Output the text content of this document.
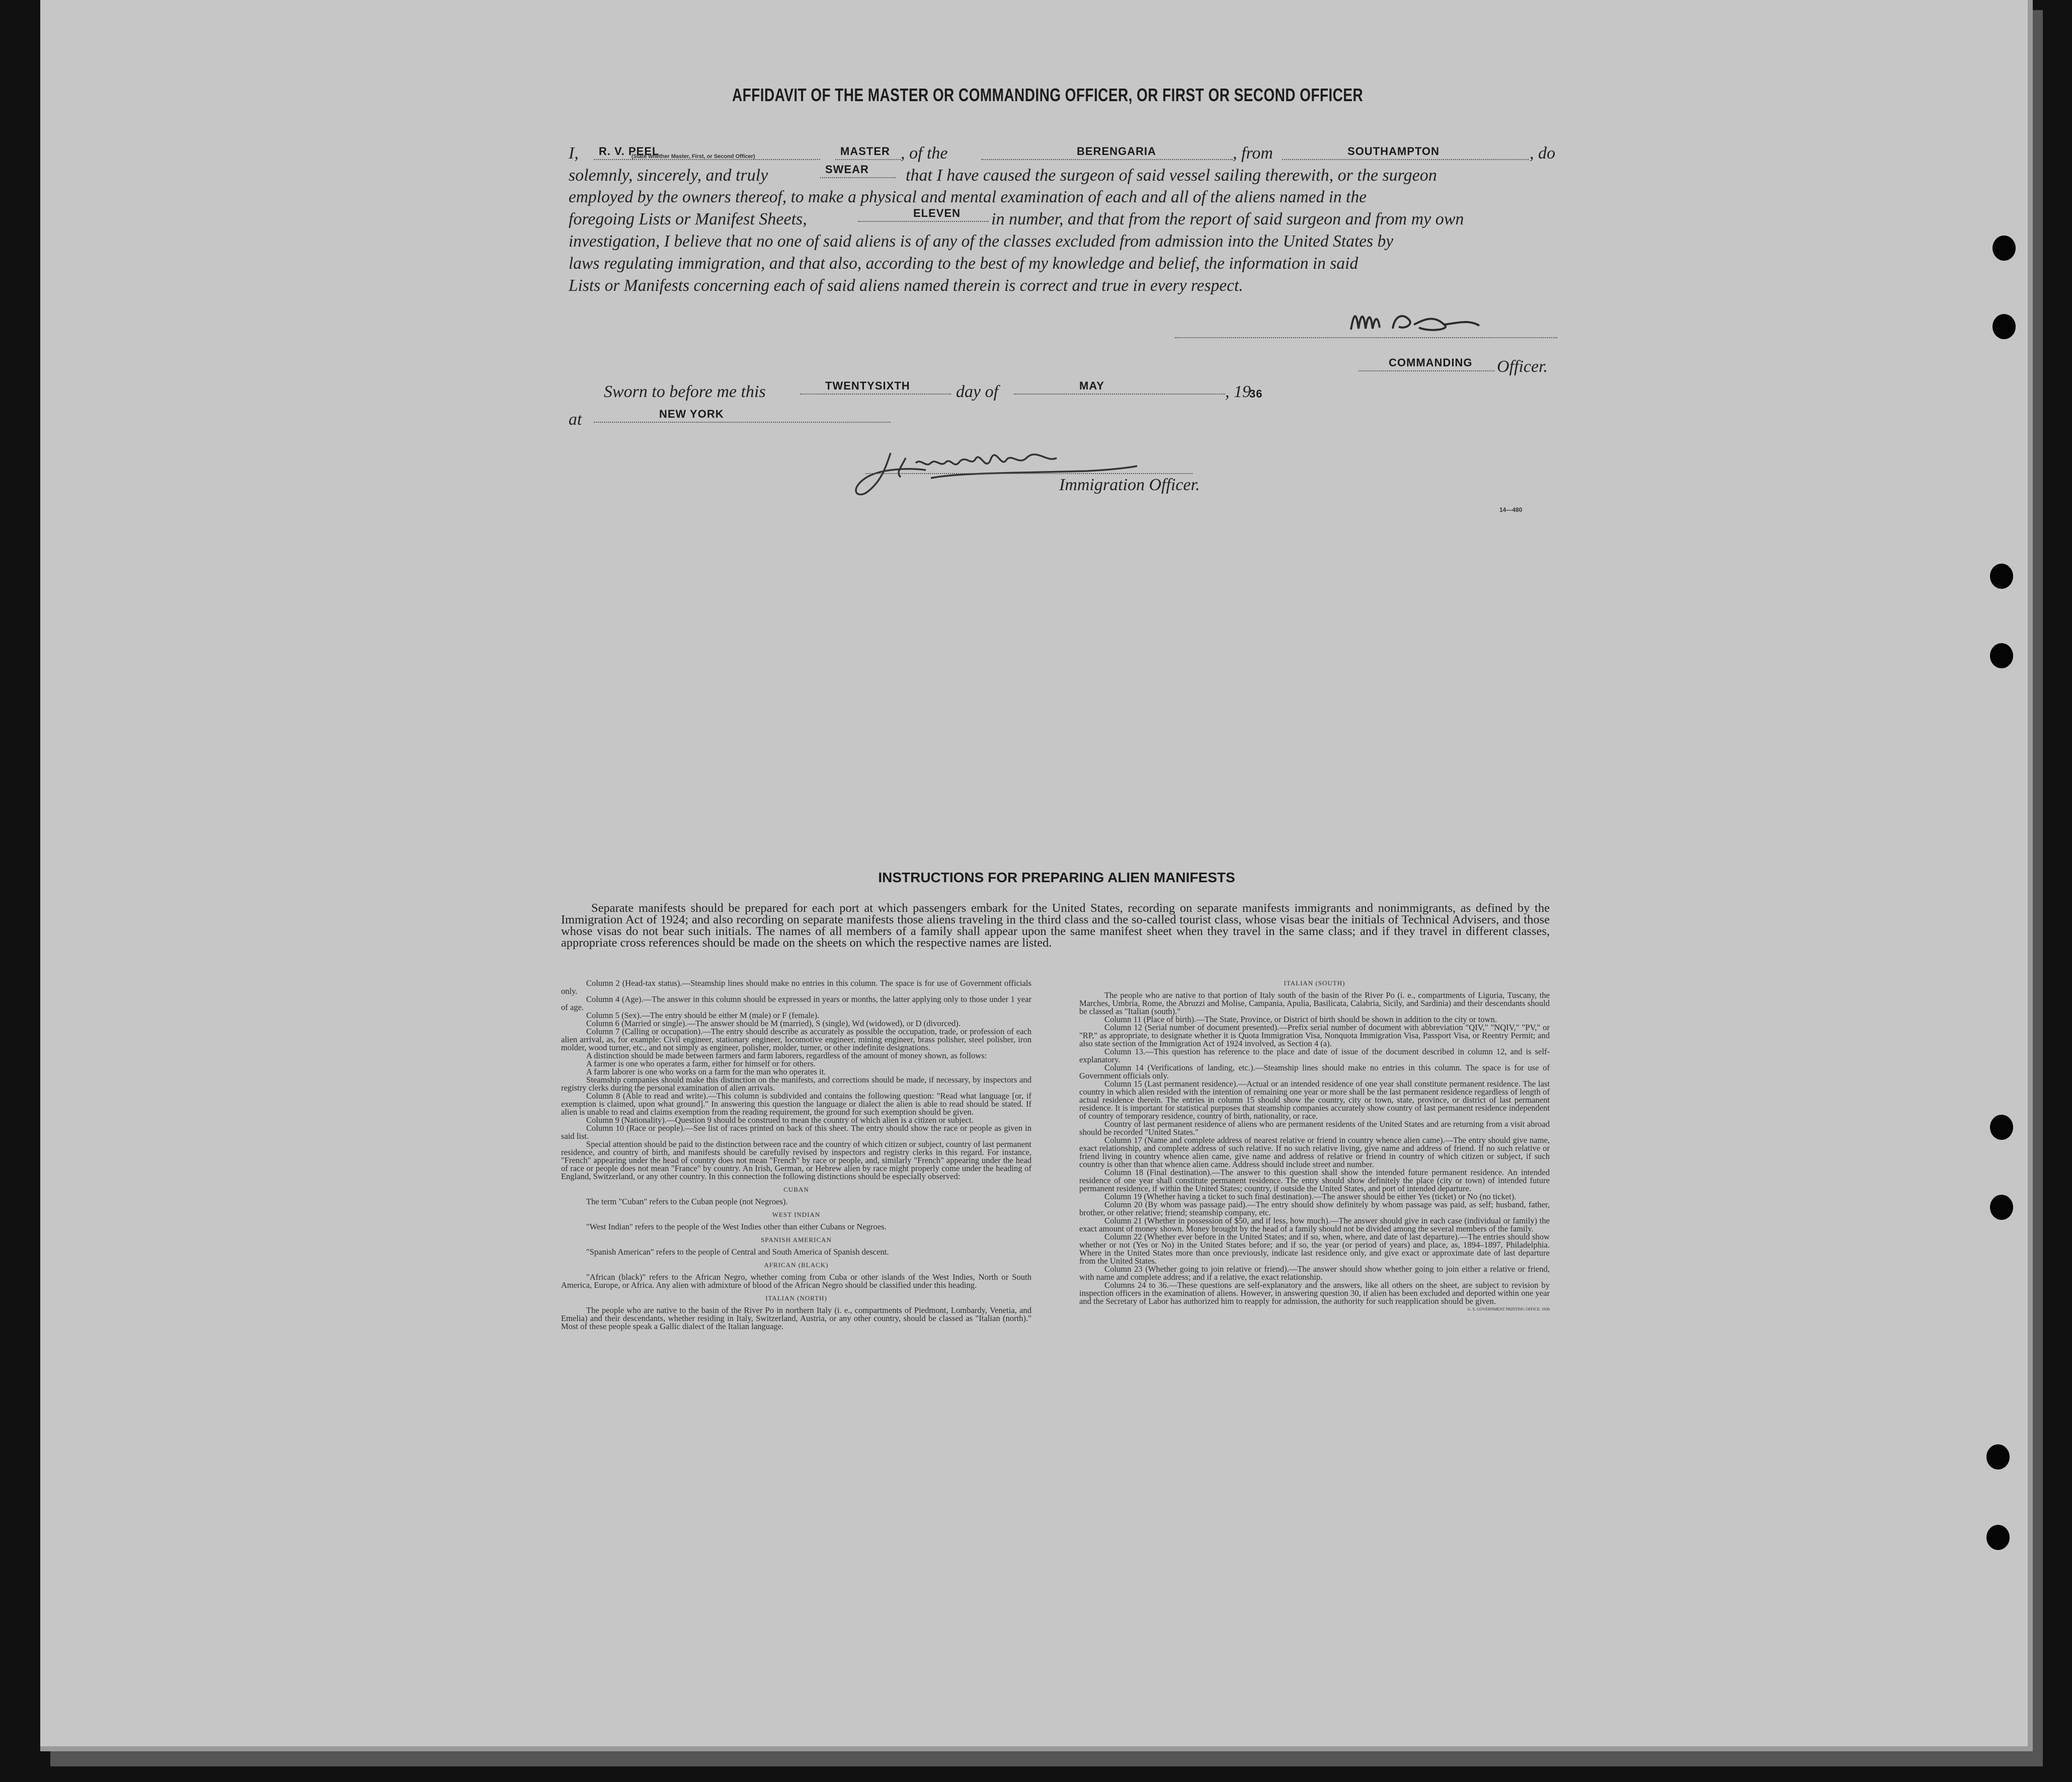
AFFIDAVIT OF THE MASTER OR COMMANDING OFFICER, OR FIRST OR SECOND OFFICER
I,	R. V. PEEL	MASTER
(State whether Master, First, or Second Officer)	, of the	BERENGARIA	, from	SOUTHAMPTON	, do
solemnly, sincerely, and truly	SWEAR	that I have caused the surgeon of said vessel sailing therewith, or the surgeon
employed by the owners thereof, to make a physical and mental examination of each and all of the aliens named in the
foregoing Lists or Manifest Sheets,	ELEVEN	in number, and that from the report of said surgeon and from my own
investigation, I believe that no one of said aliens is of any of the classes excluded from admission into the United States by
laws regulating immigration, and that also, according to the best of my knowledge and belief, the information in said
Lists or Manifests concerning each of said aliens named therein is correct and true in every respect.
COMMANDING	Officer.
Sworn to before me this	TWENTYSIXTH	day of	MAY	, 19
36
at	NEW YORK
Immigration Officer.
14—480
INSTRUCTIONS FOR PREPARING ALIEN MANIFESTS
Separate manifests should be prepared for each port at which passengers embark for the United States, recording on separate manifests immigrants and nonimmigrants, as defined by the Immigration Act of 1924; and also recording on separate manifests those aliens traveling in the third class and the so-called tourist class, whose visas bear the initials of Technical Advisers, and those whose visas do not bear such initials. The names of all members of a family shall appear upon the same manifest sheet when they travel in the same class; and if they travel in different classes, appropriate cross references should be made on the sheets on which the respective names are listed.

Column 2 (Head-tax status).—Steamship lines should make no entries in this column. The space is for use of Government officials only.

Column 4 (Age).—The answer in this column should be expressed in years or months, the latter applying only to those under 1 year of age.

Column 5 (Sex).—The entry should be either M (male) or F (female).

Column 6 (Married or single).—The answer should be M (married), S (single), Wd (widowed), or D (divorced).

Column 7 (Calling or occupation).—The entry should describe as accurately as possible the occupation, trade, or profession of each alien arrival, as, for example: Civil engineer, stationary engineer, locomotive engineer, mining engineer, brass polisher, steel polisher, iron molder, wood turner, etc., and not simply as engineer, polisher, molder, turner, or other indefinite designations.

A distinction should be made between farmers and farm laborers, regardless of the amount of money shown, as follows:

A farmer is one who operates a farm, either for himself or for others.

A farm laborer is one who works on a farm for the man who operates it.

Steamship companies should make this distinction on the manifests, and corrections should be made, if necessary, by inspectors and registry clerks during the personal examination of alien arrivals.

Column 8 (Able to read and write).—This column is subdivided and contains the following question: "Read what language [or, if exemption is claimed, upon what ground]." In answering this question the language or dialect the alien is able to read should be stated. If alien is unable to read and claims exemption from the reading requirement, the ground for such exemption should be given.

Column 9 (Nationality).—Question 9 should be construed to mean the country of which alien is a citizen or subject.

Column 10 (Race or people).—See list of races printed on back of this sheet. The entry should show the race or people as given in said list.

Special attention should be paid to the distinction between race and the country of which citizen or subject, country of last permanent residence, and country of birth, and manifests should be carefully revised by inspectors and registry clerks in this regard. For instance, "French" appearing under the head of country does not mean "French" by race or people, and, similarly "French" appearing under the head of race or people does not mean "France" by country. An Irish, German, or Hebrew alien by race might properly come under the heading of England, Switzerland, or any other country. In this connection the following distinctions should be especially observed:

CUBAN

The term "Cuban" refers to the Cuban people (not Negroes).

WEST INDIAN

"West Indian" refers to the people of the West Indies other than either Cubans or Negroes.

SPANISH AMERICAN

"Spanish American" refers to the people of Central and South America of Spanish descent.

AFRICAN (BLACK)

"African (black)" refers to the African Negro, whether coming from Cuba or other islands of the West Indies, North or South America, Europe, or Africa. Any alien with admixture of blood of the African Negro should be classified under this heading.

ITALIAN (NORTH)

The people who are native to the basin of the River Po in northern Italy (i. e., compartments of Piedmont, Lombardy, Venetia, and Emelia) and their descendants, whether residing in Italy, Switzerland, Austria, or any other country, should be classed as "Italian (north)." Most of these people speak a Gallic dialect of the Italian language.

ITALIAN (SOUTH)

The people who are native to that portion of Italy south of the basin of the River Po (i. e., compartments of Liguria, Tuscany, the Marches, Umbria, Rome, the Abruzzi and Molise, Campania, Apulia, Basilicata, Calabria, Sicily, and Sardinia) and their descendants should be classed as "Italian (south)."

Column 11 (Place of birth).—The State, Province, or District of birth should be shown in addition to the city or town.

Column 12 (Serial number of document presented).—Prefix serial number of document with abbreviation "QIV," "NQIV," "PV," or "RP," as appropriate, to designate whether it is Quota Immigration Visa, Nonquota Immigration Visa, Passport Visa, or Reentry Permit; and also state section of the Immigration Act of 1924 involved, as Section 4 (a).

Column 13.—This question has reference to the place and date of issue of the document described in column 12, and is self-explanatory.

Column 14 (Verifications of landing, etc.).—Steamship lines should make no entries in this column. The space is for use of Government officials only.

Column 15 (Last permanent residence).—Actual or an intended residence of one year shall constitute permanent residence. The last country in which alien resided with the intention of remaining one year or more shall be the last permanent residence regardless of length of actual residence therein. The entries in column 15 should show the country, city or town, state, province, or district of last permanent residence. It is important for statistical purposes that steamship companies accurately show country of last permanent residence independent of country of temporary residence, country of birth, nationality, or race.

Country of last permanent residence of aliens who are permanent residents of the United States and are returning from a visit abroad should be recorded "United States."

Column 17 (Name and complete address of nearest relative or friend in country whence alien came).—The entry should give name, exact relationship, and complete address of such relative. If no such relative living, give name and address of friend. If no such relative or friend living in country whence alien came, give name and address of relative or friend in country of which citizen or subject, if such country is other than that whence alien came. Address should include street and number.

Column 18 (Final destination).—The answer to this question shall show the intended future permanent residence. An intended residence of one year shall constitute permanent residence. The entry should show definitely the place (city or town) of intended future permanent residence, if within the United States; country, if outside the United States, and port of intended departure.

Column 19 (Whether having a ticket to such final destination).—The answer should be either Yes (ticket) or No (no ticket).

Column 20 (By whom was passage paid).—The entry should show definitely by whom passage was paid, as self; husband, father, brother, or other relative; friend; steamship company, etc.

Column 21 (Whether in possession of $50, and if less, how much).—The answer should give in each case (individual or family) the exact amount of money shown. Money brought by the head of a family should not be divided among the several members of the family.

Column 22 (Whether ever before in the United States; and if so, when, where, and date of last departure).—The entries should show whether or not (Yes or No) in the United States before; and if so, the year (or period of years) and place, as, 1894–1897, Philadelphia. Where in the United States more than once previously, indicate last residence only, and give exact or approximate date of last departure from the United States.

Column 23 (Whether going to join relative or friend).—The answer should show whether going to join either a relative or friend, with name and complete address; and if a relative, the exact relationship.

Columns 24 to 36.—These questions are self-explanatory and the answers, like all others on the sheet, are subject to revision by inspection officers in the examination of aliens. However, in answering question 30, if alien has been excluded and deported within one year and the Secretary of Labor has authorized him to reapply for admission, the authority for such reapplication should be given.

U. S. GOVERNMENT PRINTING OFFICE: 1936
